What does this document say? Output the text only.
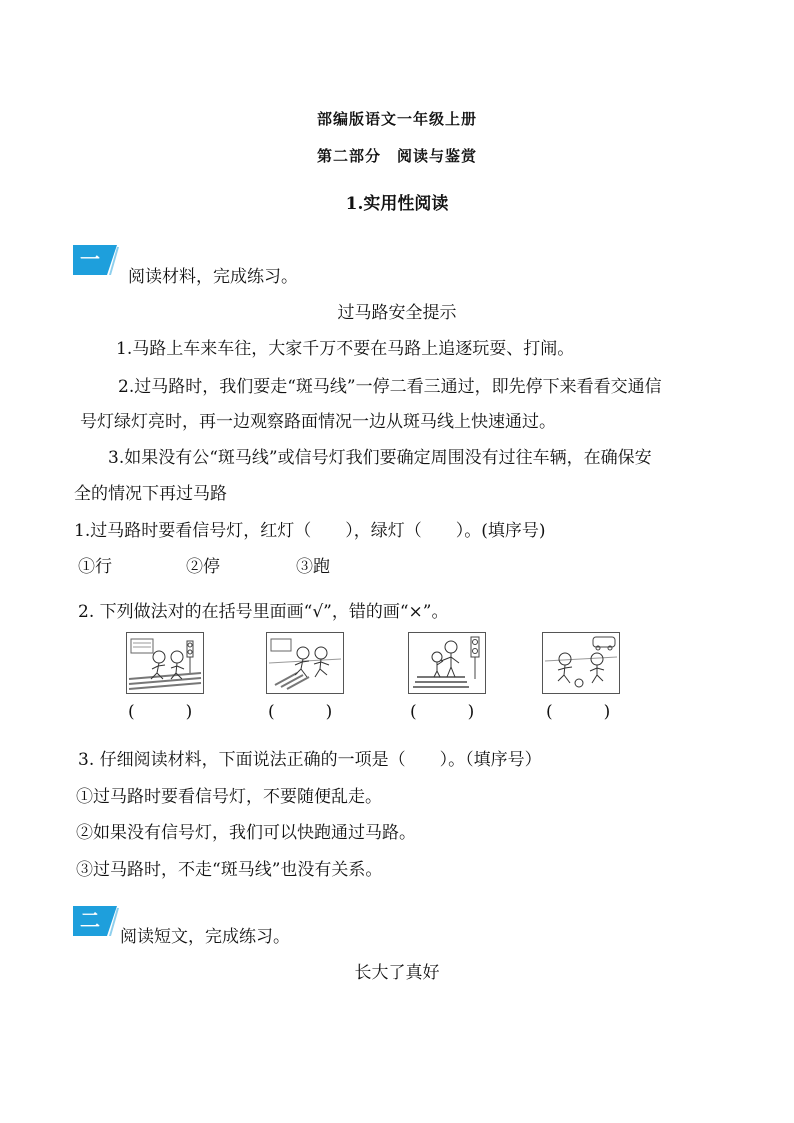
部编版语文一年级上册
第二部分　阅读与鉴赏
1.实用性阅读
一
阅读材料，完成练习。
过马路安全提示
1.马路上车来车往，大家千万不要在马路上追逐玩耍、打闹。
2.过马路时，我们要走“斑马线”一停二看三通过，即先停下来看看交通信
号灯绿灯亮时，再一边观察路面情况一边从斑马线上快速通过。
3.如果没有公“斑马线”或信号灯我们要确定周围没有过往车辆，在确保安
全的情况下再过马路
1.过马路时要看信号灯，红灯（　　），绿灯（　　）。(填序号)
①行	②停	③跑
2. 下列做法对的在括号里面画“√”，错的画“×”。
(　　　)	(　　　)	(　　　)	(　　　)
3. 仔细阅读材料，下面说法正确的一项是（　　）。（填序号）
①过马路时要看信号灯，不要随便乱走。
②如果没有信号灯，我们可以快跑通过马路。
③过马路时，不走“斑马线”也没有关系。
二
阅读短文，完成练习。
长大了真好
